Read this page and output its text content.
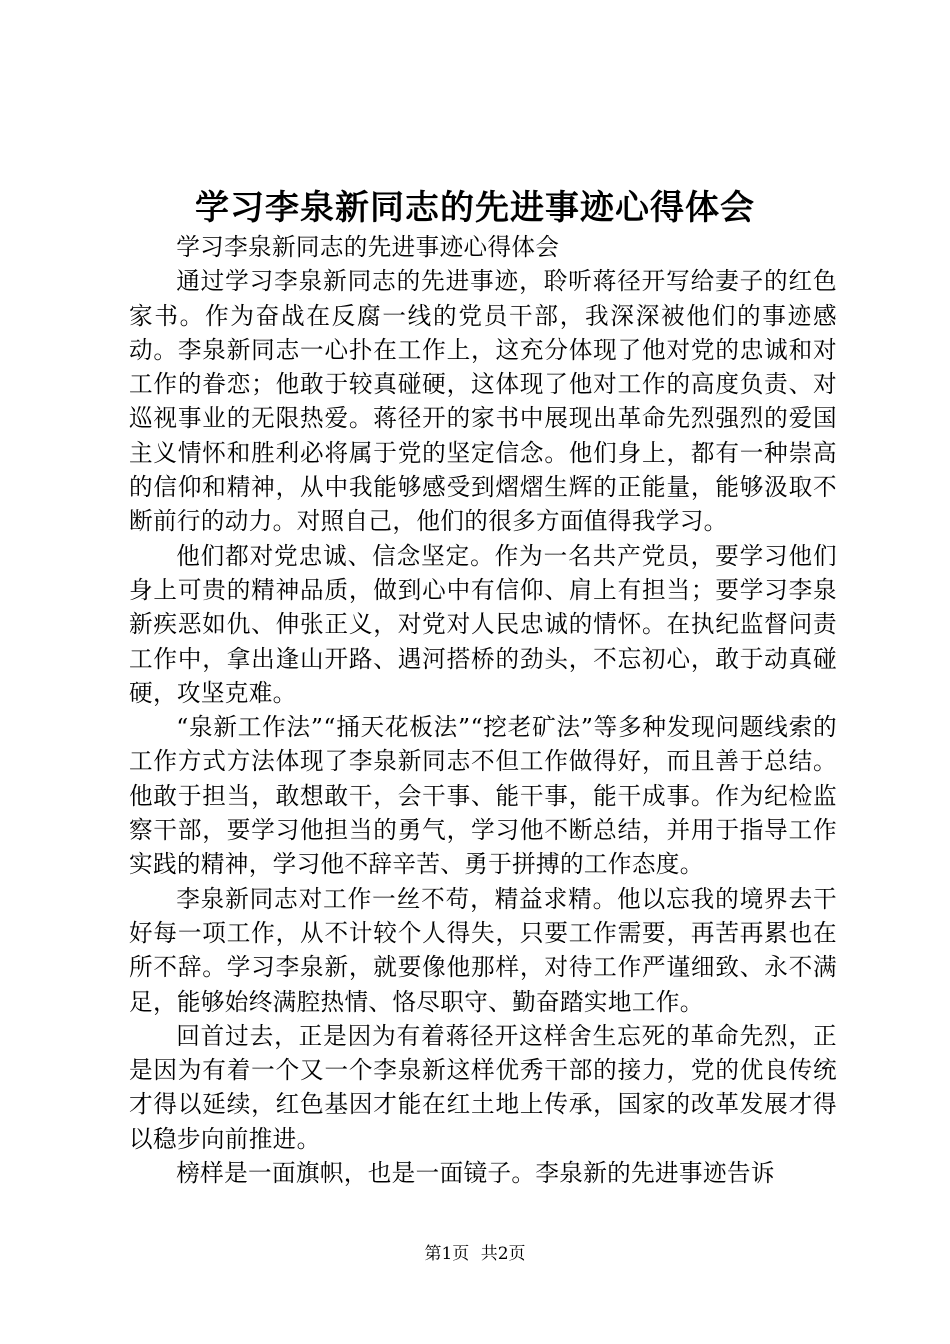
学习李泉新同志的先进事迹心得体会

学习李泉新同志的先进事迹心得体会

通过学习李泉新同志的先进事迹，聆听蒋径开写给妻子的红色家书。作为奋战在反腐一线的党员干部，我深深被他们的事迹感动。李泉新同志一心扑在工作上，这充分体现了他对党的忠诚和对工作的眷恋；他敢于较真碰硬，这体现了他对工作的高度负责、对巡视事业的无限热爱。蒋径开的家书中展现出革命先烈强烈的爱国主义情怀和胜利必将属于党的坚定信念。他们身上，都有一种崇高的信仰和精神，从中我能够感受到熠熠生辉的正能量，能够汲取不断前行的动力。对照自己，他们的很多方面值得我学习。

他们都对党忠诚、信念坚定。作为一名共产党员，要学习他们身上可贵的精神品质，做到心中有信仰、肩上有担当；要学习李泉新疾恶如仇、伸张正义，对党对人民忠诚的情怀。在执纪监督问责工作中，拿出逢山开路、遇河搭桥的劲头，不忘初心，敢于动真碰硬，攻坚克难。

“泉新工作法”“捅天花板法”“挖老矿法”等多种发现问题线索的工作方式方法体现了李泉新同志不但工作做得好，而且善于总结。他敢于担当，敢想敢干，会干事、能干事，能干成事。作为纪检监察干部，要学习他担当的勇气，学习他不断总结，并用于指导工作实践的精神，学习他不辞辛苦、勇于拼搏的工作态度。

李泉新同志对工作一丝不苟，精益求精。他以忘我的境界去干好每一项工作，从不计较个人得失，只要工作需要，再苦再累也在所不辞。学习李泉新，就要像他那样，对待工作严谨细致、永不满足，能够始终满腔热情、恪尽职守、勤奋踏实地工作。

回首过去，正是因为有着蒋径开这样舍生忘死的革命先烈，正是因为有着一个又一个李泉新这样优秀干部的接力，党的优良传统才得以延续，红色基因才能在红土地上传承，国家的改革发展才得以稳步向前推进。

榜样是一面旗帜，也是一面镜子。李泉新的先进事迹告诉

第1页 共2页
